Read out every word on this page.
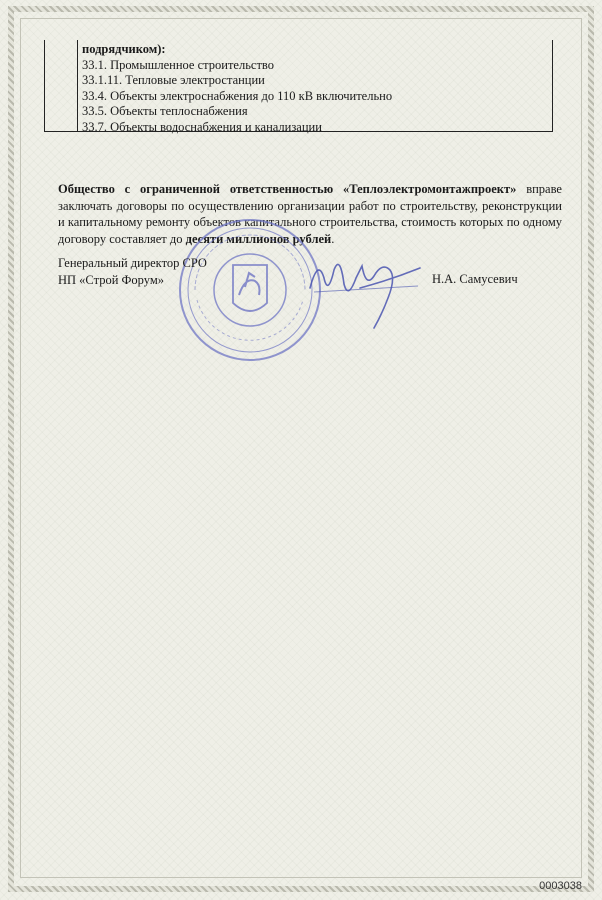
подрядчиком):
33.1. Промышленное строительство
33.1.11. Тепловые электростанции
33.4. Объекты электроснабжения до 110 кВ включительно
33.5. Объекты теплоснабжения
33.7. Объекты водоснабжения и канализации
Общество с ограниченной ответственностью «Теплоэлектромонтажпроект» вправе заключать договоры по осуществлению организации работ по строительству, реконструкции и капитальному ремонту объектов капитального строительства, стоимость которых по одному договору составляет до десяти миллионов рублей.
Генеральный директор СРО
НП «Строй Форум»	Н.А. Самусевич
0003038
